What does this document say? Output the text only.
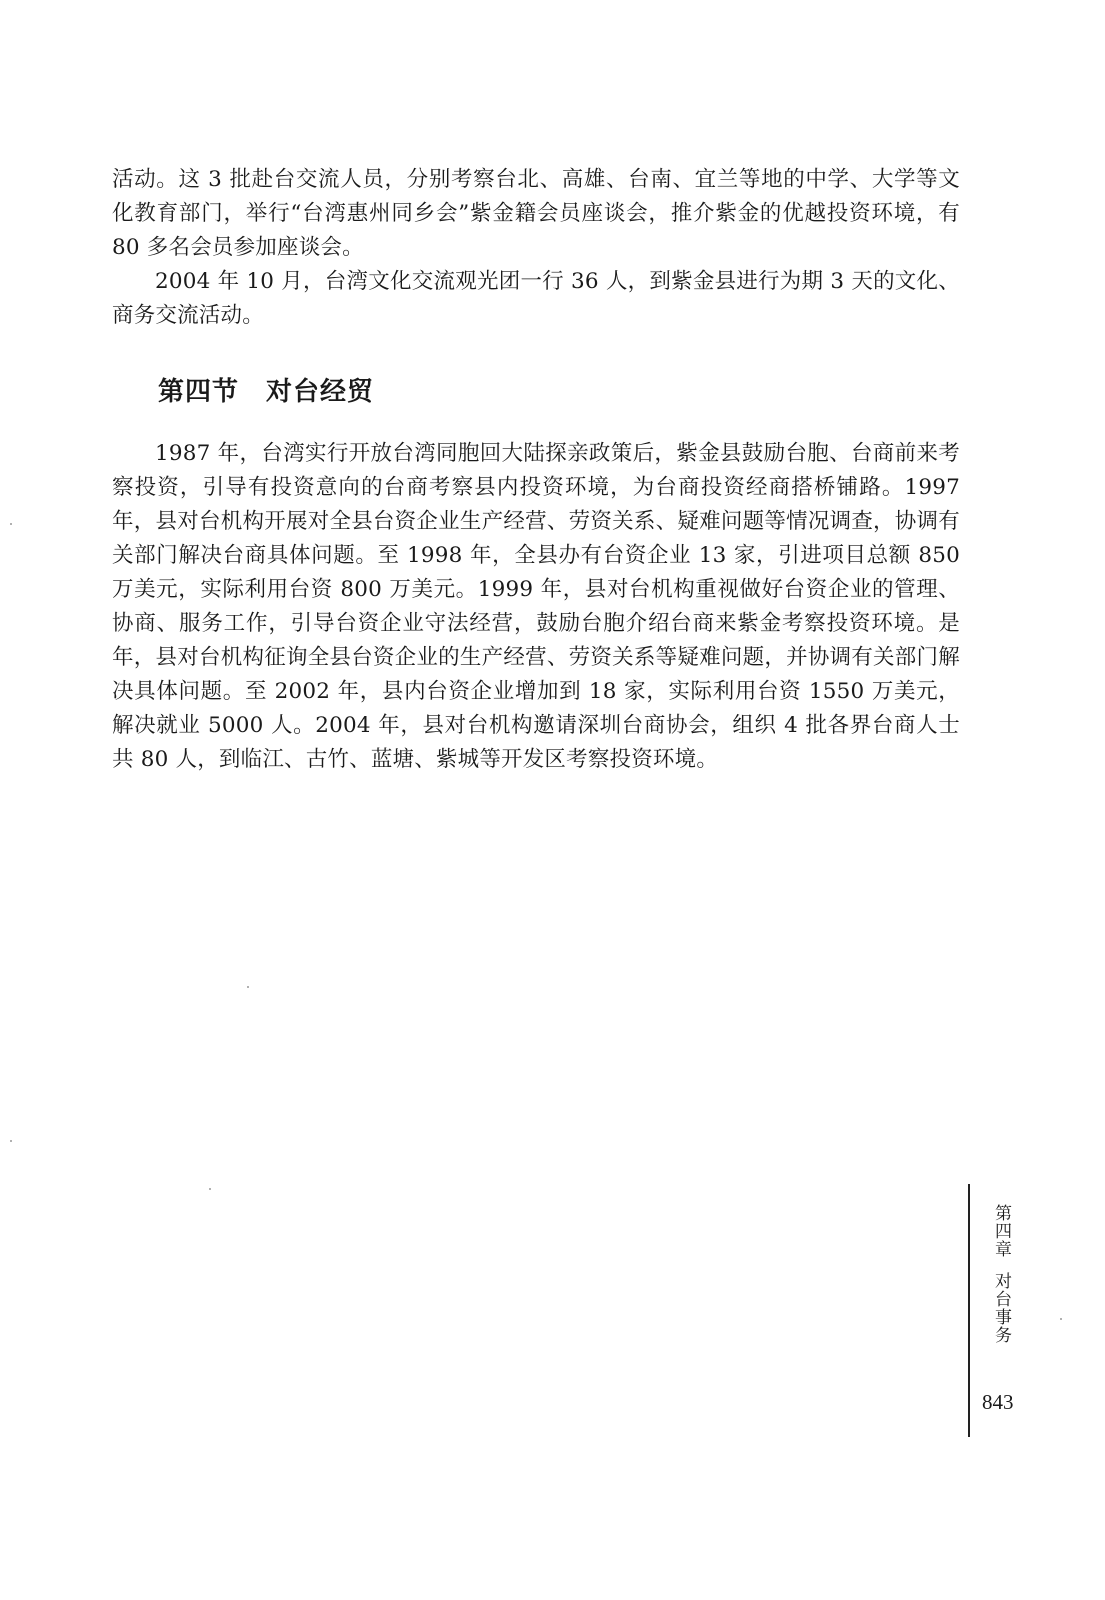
活动。这 3 批赴台交流人员，分别考察台北、高雄、台南、宜兰等地的中学、大学等文化教育部门，举行“台湾惠州同乡会”紫金籍会员座谈会，推介紫金的优越投资环境，有 80 多名会员参加座谈会。

2004 年 10 月，台湾文化交流观光团一行 36 人，到紫金县进行为期 3 天的文化、商务交流活动。

第四节　对台经贸

1987 年，台湾实行开放台湾同胞回大陆探亲政策后，紫金县鼓励台胞、台商前来考察投资，引导有投资意向的台商考察县内投资环境，为台商投资经商搭桥铺路。1997 年，县对台机构开展对全县台资企业生产经营、劳资关系、疑难问题等情况调查，协调有关部门解决台商具体问题。至 1998 年，全县办有台资企业 13 家，引进项目总额 850 万美元，实际利用台资 800 万美元。1999 年，县对台机构重视做好台资企业的管理、协商、服务工作，引导台资企业守法经营，鼓励台胞介绍台商来紫金考察投资环境。是年，县对台机构征询全县台资企业的生产经营、劳资关系等疑难问题，并协调有关部门解决具体问题。至 2002 年，县内台资企业增加到 18 家，实际利用台资 1550 万美元，解决就业 5000 人。2004 年，县对台机构邀请深圳台商协会，组织 4 批各界台商人士共 80 人，到临江、古竹、蓝塘、紫城等开发区考察投资环境。

第四章对台事务
843
